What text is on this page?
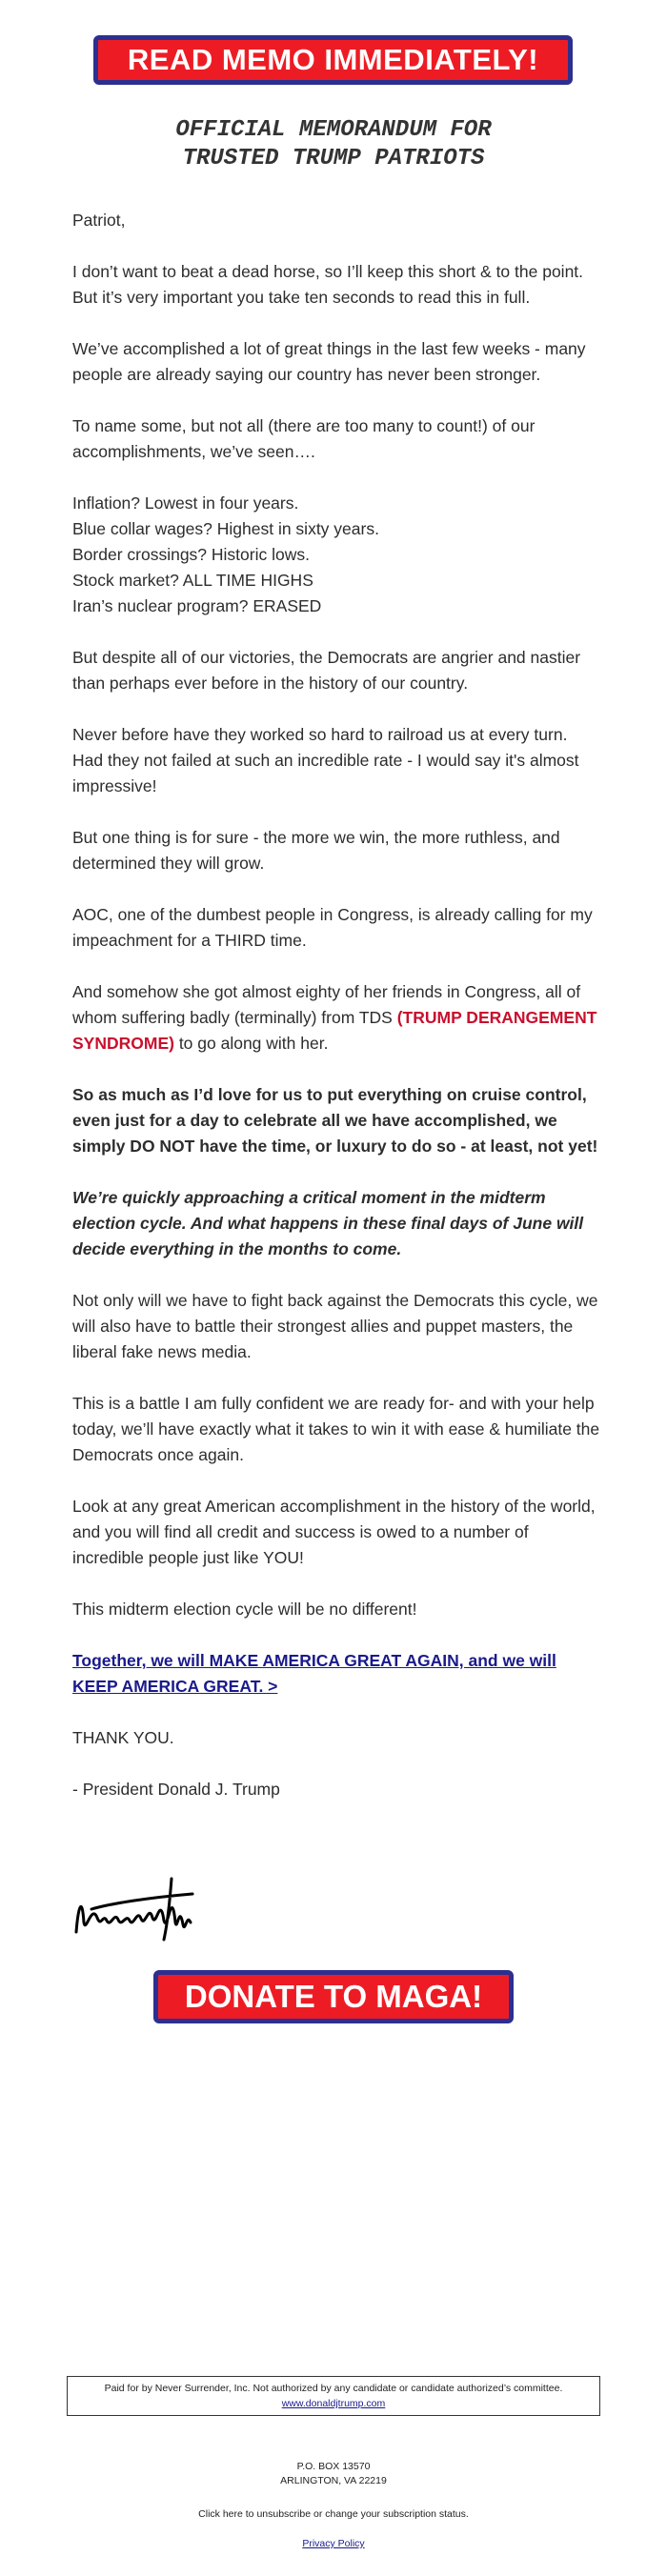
READ MEMO IMMEDIATELY!
OFFICIAL MEMORANDUM FOR
TRUSTED TRUMP PATRIOTS

Patriot,

I don’t want to beat a dead horse, so I’ll keep this short & to the point. But it’s very important you take ten seconds to read this in full.

We’ve accomplished a lot of great things in the last few weeks - many people are already saying our country has never been stronger.

To name some, but not all (there are too many to count!) of our accomplishments, we’ve seen….

Inflation? Lowest in four years.
Blue collar wages? Highest in sixty years.
Border crossings? Historic lows.
Stock market? ALL TIME HIGHS
Iran’s nuclear program? ERASED

But despite all of our victories, the Democrats are angrier and nastier than perhaps ever before in the history of our country.

Never before have they worked so hard to railroad us at every turn. Had they not failed at such an incredible rate - I would say it's almost impressive!

But one thing is for sure - the more we win, the more ruthless, and determined they will grow.

AOC, one of the dumbest people in Congress, is already calling for my impeachment for a THIRD time.

And somehow she got almost eighty of her friends in Congress, all of whom suffering badly (terminally) from TDS (TRUMP DERANGEMENT SYNDROME) to go along with her.

So as much as I’d love for us to put everything on cruise control, even just for a day to celebrate all we have accomplished, we simply DO NOT have the time, or luxury to do so - at least, not yet!

We’re quickly approaching a critical moment in the midterm election cycle. And what happens in these final days of June will decide everything in the months to come.

Not only will we have to fight back against the Democrats this cycle, we will also have to battle their strongest allies and puppet masters, the liberal fake news media.

This is a battle I am fully confident we are ready for- and with your help today, we’ll have exactly what it takes to win it with ease & humiliate the Democrats once again.

Look at any great American accomplishment in the history of the world, and you will find all credit and success is owed to a number of incredible people just like YOU!

This midterm election cycle will be no different!

Together, we will MAKE AMERICA GREAT AGAIN, and we will KEEP AMERICA GREAT. >

THANK YOU.

- President Donald J. Trump

DONATE TO MAGA!
Paid for by Never Surrender, Inc. Not authorized by any candidate or candidate authorized’s committee.
www.donaldjtrump.com
P.O. BOX 13570
ARLINGTON, VA 22219
Click here to unsubscribe or change your subscription status.
Privacy Policy
